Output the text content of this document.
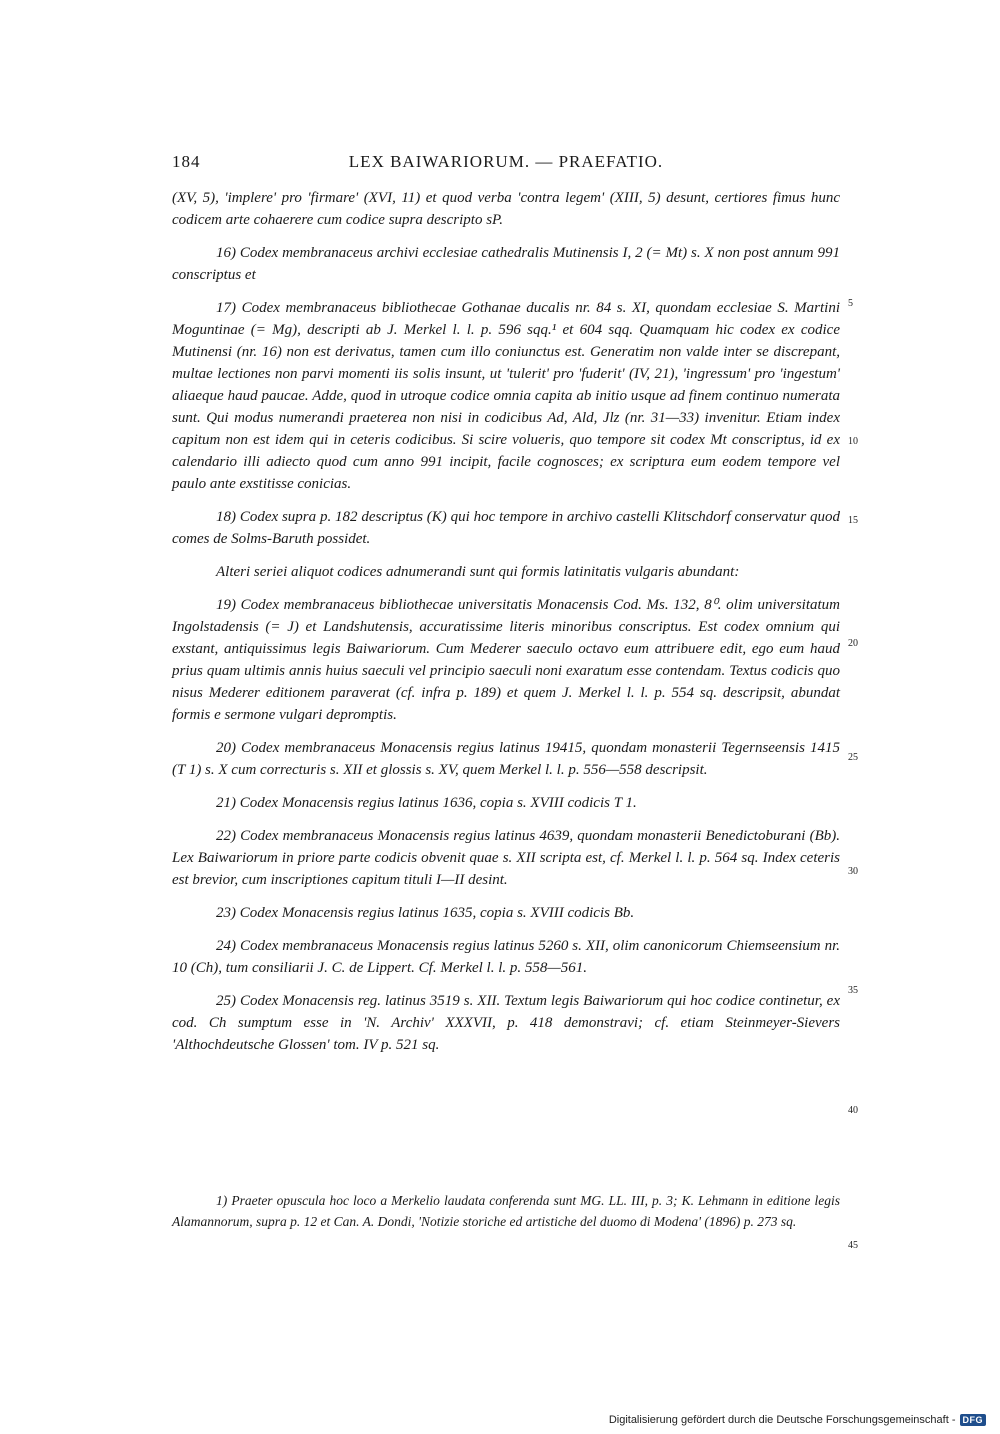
184	LEX BAIWARIORUM. — PRAEFATIO.

(XV, 5), 'implere' pro 'firmare' (XVI, 11) et quod verba 'contra legem' (XIII, 5) desunt, certiores fimus hunc codicem arte cohaerere cum codice supra descripto sP.

16) Codex membranaceus archivi ecclesiae cathedralis Mutinensis I, 2 (= Mt) s. X non post annum 991 conscriptus et

17) Codex membranaceus bibliothecae Gothanae ducalis nr. 84 s. XI, quondam ecclesiae S. Martini Moguntinae (= Mg), descripti ab J. Merkel l. l. p. 596 sqq.¹ et 604 sqq. Quamquam hic codex ex codice Mutinensi (nr. 16) non est derivatus, tamen cum illo coniunctus est. Generatim non valde inter se discrepant, multae lectiones non parvi momenti iis solis insunt, ut 'tulerit' pro 'fuderit' (IV, 21), 'ingressum' pro 'ingestum' aliaeque haud paucae. Adde, quod in utroque codice omnia capita ab initio usque ad finem continuo numerata sunt. Qui modus numerandi praeterea non nisi in codicibus Ad, Ald, Jlz (nr. 31—33) invenitur. Etiam index capitum non est idem qui in ceteris codicibus. Si scire volueris, quo tempore sit codex Mt conscriptus, id ex calendario illi adiecto quod cum anno 991 incipit, facile cognosces; ex scriptura eum eodem tempore vel paulo ante exstitisse conicias.

18) Codex supra p. 182 descriptus (K) qui hoc tempore in archivo castelli Klitschdorf conservatur quod comes de Solms-Baruth possidet.

Alteri seriei aliquot codices adnumerandi sunt qui formis latinitatis vulgaris abundant:

19) Codex membranaceus bibliothecae universitatis Monacensis Cod. Ms. 132, 8⁰. olim universitatum Ingolstadensis (= J) et Landshutensis, accuratissime literis minoribus conscriptus. Est codex omnium qui exstant, antiquissimus legis Baiwariorum. Cum Mederer saeculo octavo eum attribuere edit, ego eum haud prius quam ultimis annis huius saeculi vel principio saeculi noni exaratum esse contendam. Textus codicis quo nisus Mederer editionem paraverat (cf. infra p. 189) et quem J. Merkel l. l. p. 554 sq. descripsit, abundat formis e sermone vulgari depromptis.

20) Codex membranaceus Monacensis regius latinus 19415, quondam monasterii Tegernseensis 1415 (T 1) s. X cum correcturis s. XII et glossis s. XV, quem Merkel l. l. p. 556—558 descripsit.

21) Codex Monacensis regius latinus 1636, copia s. XVIII codicis T 1.

22) Codex membranaceus Monacensis regius latinus 4639, quondam monasterii Benedictoburani (Bb). Lex Baiwariorum in priore parte codicis obvenit quae s. XII scripta est, cf. Merkel l. l. p. 564 sq. Index ceteris est brevior, cum inscriptiones capitum tituli I—II desint.

23) Codex Monacensis regius latinus 1635, copia s. XVIII codicis Bb.

24) Codex membranaceus Monacensis regius latinus 5260 s. XII, olim canonicorum Chiemseensium nr. 10 (Ch), tum consiliarii J. C. de Lippert. Cf. Merkel l. l. p. 558—561.

25) Codex Monacensis reg. latinus 3519 s. XII. Textum legis Baiwariorum qui hoc codice continetur, ex cod. Ch sumptum esse in 'N. Archiv' XXXVII, p. 418 demonstravi; cf. etiam Steinmeyer-Sievers 'Althochdeutsche Glossen' tom. IV p. 521 sq.

1) Praeter opuscula hoc loco a Merkelio laudata conferenda sunt MG. LL. III, p. 3; K. Lehmann in editione legis Alamannorum, supra p. 12 et Can. A. Dondi, 'Notizie storiche ed artistiche del duomo di Modena' (1896) p. 273 sq.
5
10
15
20
25
30
35
40
45
Digitalisierung gefördert durch die Deutsche Forschungsgemeinschaft - DFG
